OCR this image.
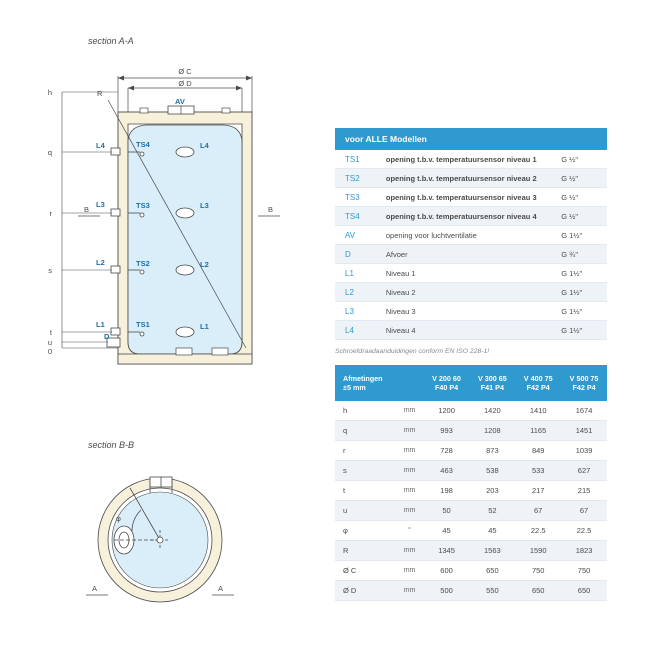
section A-A
section B-B
h
q
r
s
t
u
0
Ø C
Ø D
AV
R
B	B
L4
L3
L2
L1
TS4
TS3
TS2
TS1
L4
L3
L2
L1
D
φ
A	A
voor ALLE Modellen		
TS1	opening t.b.v. temperatuursensor niveau 1	G ½"
TS2	opening t.b.v. temperatuursensor niveau 2	G ½"
TS3	opening t.b.v. temperatuursensor niveau 3	G ½"
TS4	opening t.b.v. temperatuursensor niveau 4	G ½"
AV	opening voor luchtventilatie	G 1½"
D	Afvoer	G ¾"
L1	Niveau 1	G 1½"
L2	Niveau 2	G 1½"
L3	Niveau 3	G 1½"
L4	Niveau 4	G 1½"
Schroefdraadaanduidingen conform EN ISO 228-1!
Afmetingen ±5 mm		V 200 60 F40 P4	V 300 65 F41 P4	V 400 75 F42 P4	V 500 75 F42 P4
h	mm	1200	1420	1410	1674
q	mm	993	1208	1165	1451
r	mm	728	873	849	1039
s	mm	463	538	533	627
t	mm	198	203	217	215
u	mm	50	52	67	67
φ	°	45	45	22.5	22.5
R	mm	1345	1563	1590	1823
Ø C	mm	600	650	750	750
Ø D	mm	500	550	650	650
